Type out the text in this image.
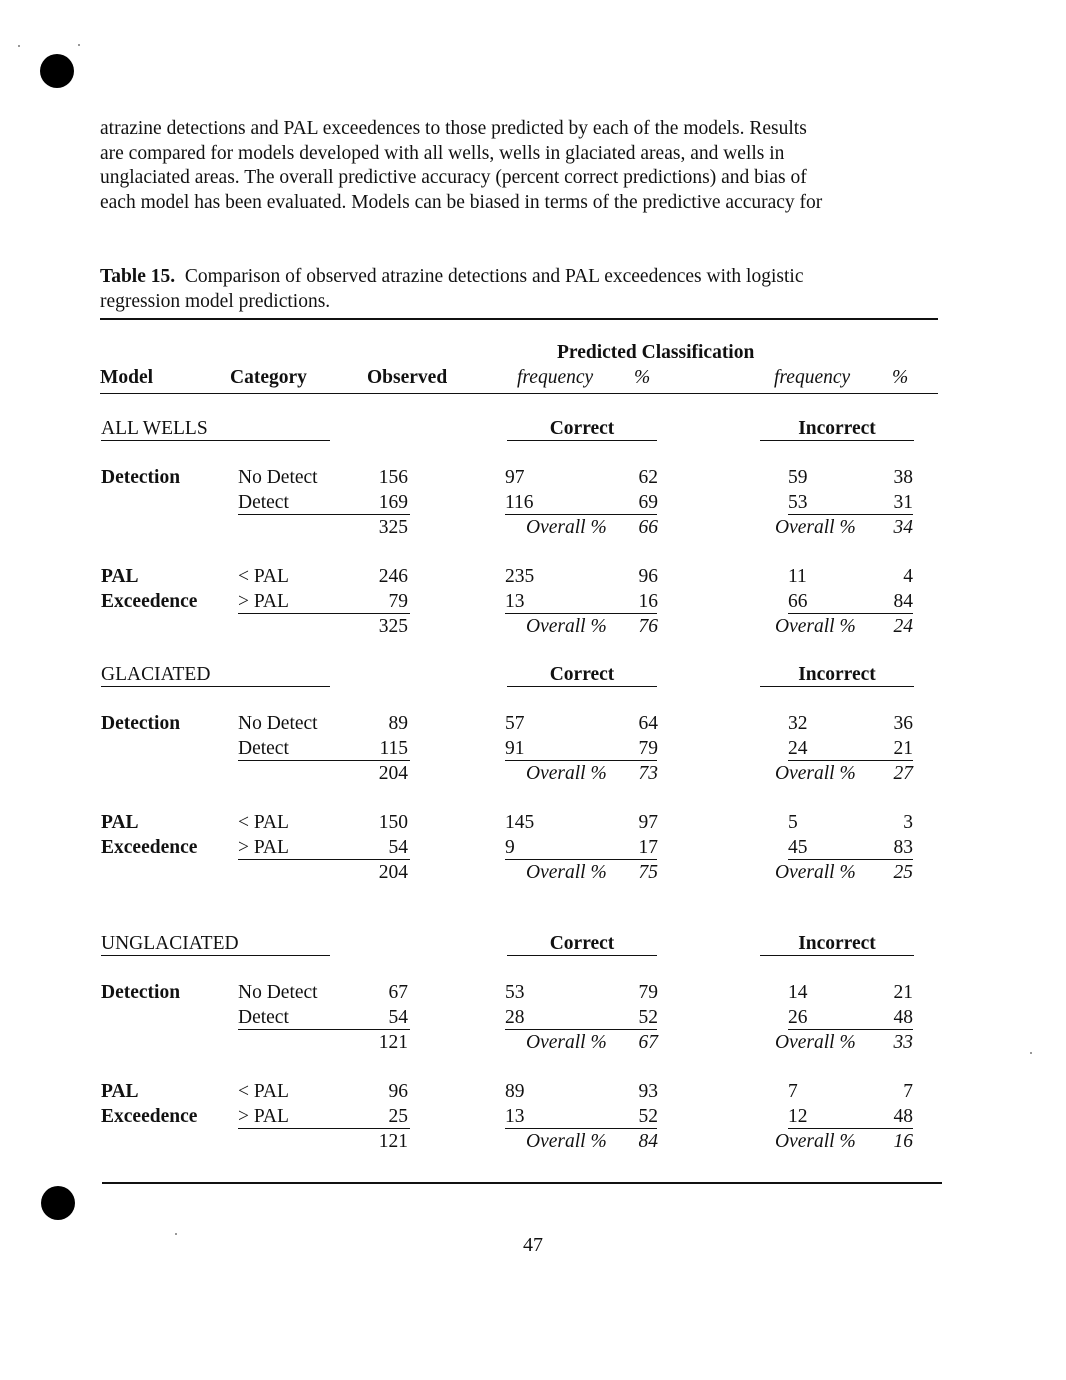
atrazine detections and PAL exceedences to those predicted by each of the models. Results
are compared for models developed with all wells, wells in glaciated areas, and wells in
unglaciated areas. The overall predictive accuracy (percent correct predictions) and bias of
each model has been evaluated. Models can be biased in terms of the predictive accuracy for
Table 15. Comparison of observed atrazine detections and PAL exceedences with logistic
regression model predictions.
Predicted Classification
Model	Category	Observed	frequency %	frequency %
ALL WELLS	Correct	Incorrect
Detection	No Detect	156	97	62	59	38
Detect	169	116	69	53	31
325	Overall %	66	Overall %	34
PAL
Exceedence
< PAL	246	235	96	11	4
> PAL	79	13	16	66	84
325	Overall %	76	Overall %	24
GLACIATED	Correct	Incorrect
Detection	No Detect	89	57	64	32	36
Detect	115	91	79	24	21
204	Overall %	73	Overall %	27
PAL
Exceedence
< PAL	150	145	97	5	3
> PAL	54	9	17	45	83
204	Overall %	75	Overall %	25
UNGLACIATED	Correct	Incorrect
Detection	No Detect	67	53	79	14	21
Detect	54	28	52	26	48
121	Overall %	67	Overall %	33
PAL
Exceedence
< PAL	96	89	93	7	7
> PAL	25	13	52	12	48
121	Overall %	84	Overall %	16
47
